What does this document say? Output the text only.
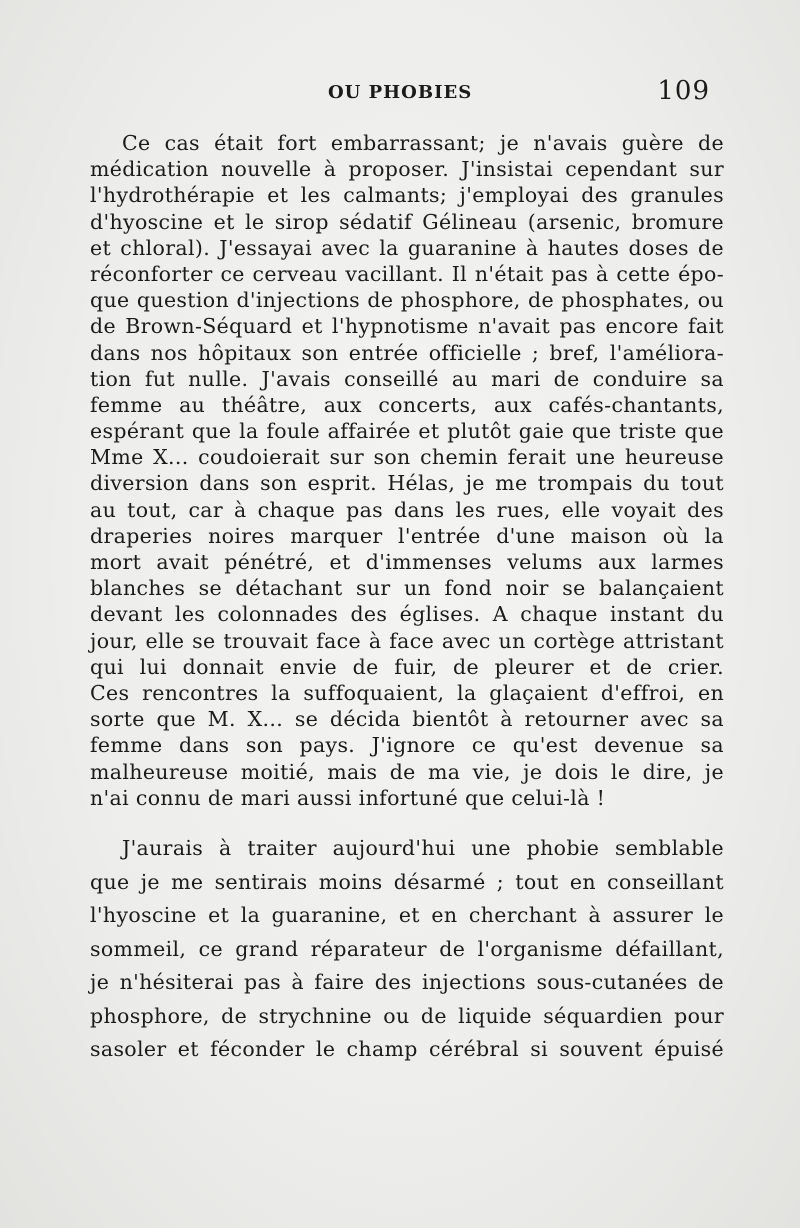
OU PHOBIES	109
Ce cas était fort embarrassant; je n'avais guère de
médication nouvelle à proposer. J'insistai cependant sur
l'hydrothérapie et les calmants; j'employai des granules
d'hyoscine et le sirop sédatif Gélineau (arsenic, bromure
et chloral). J'essayai avec la guaranine à hautes doses de
réconforter ce cerveau vacillant. Il n'était pas à cette épo-
que question d'injections de phosphore, de phosphates, ou
de Brown-Séquard et l'hypnotisme n'avait pas encore fait
dans nos hôpitaux son entrée officielle ; bref, l'améliora-
tion fut nulle. J'avais conseillé au mari de conduire sa
femme au théâtre, aux concerts, aux cafés-chantants,
espérant que la foule affairée et plutôt gaie que triste que
Mme X... coudoierait sur son chemin ferait une heureuse
diversion dans son esprit. Hélas, je me trompais du tout
au tout, car à chaque pas dans les rues, elle voyait des
draperies noires marquer l'entrée d'une maison où la
mort avait pénétré, et d'immenses velums aux larmes
blanches se détachant sur un fond noir se balançaient
devant les colonnades des églises. A chaque instant du
jour, elle se trouvait face à face avec un cortège attristant
qui lui donnait envie de fuir, de pleurer et de crier.
Ces rencontres la suffoquaient, la glaçaient d'effroi, en
sorte que M. X... se décida bientôt à retourner avec sa
femme dans son pays. J'ignore ce qu'est devenue sa
malheureuse moitié, mais de ma vie, je dois le dire, je
n'ai connu de mari aussi infortuné que celui-là !
J'aurais à traiter aujourd'hui une phobie semblable
que je me sentirais moins désarmé ; tout en conseillant
l'hyoscine et la guaranine, et en cherchant à assurer le
sommeil, ce grand réparateur de l'organisme défaillant,
je n'hésiterai pas à faire des injections sous-cutanées de
phosphore, de strychnine ou de liquide séquardien pour
sasoler et féconder le champ cérébral si souvent épuisé
